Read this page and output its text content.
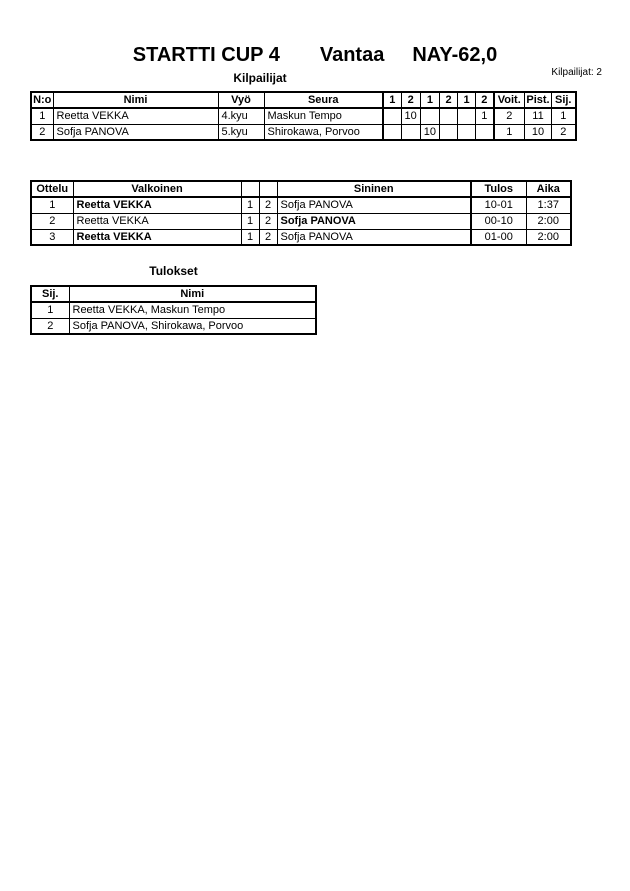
STARTTI CUP 4 Vantaa NAY-62,0
Kilpailijat: 2
Kilpailijat
N:o	Nimi	Vyö	Seura	1	2	1	2	1	2	Voit.	Pist.	Sij.
1	Reetta VEKKA	4.kyu	Maskun Tempo		10				1	2	11	1
2	Sofja PANOVA	5.kyu	Shirokawa, Porvoo			10				1	10	2
Ottelu	Valkoinen			Sininen	Tulos	Aika
1	Reetta VEKKA	1	2	Sofja PANOVA	10-01	1:37
2	Reetta VEKKA	1	2	Sofja PANOVA	00-10	2:00
3	Reetta VEKKA	1	2	Sofja PANOVA	01-00	2:00
Tulokset
Sij.	Nimi
1	Reetta VEKKA, Maskun Tempo
2	Sofja PANOVA, Shirokawa, Porvoo
